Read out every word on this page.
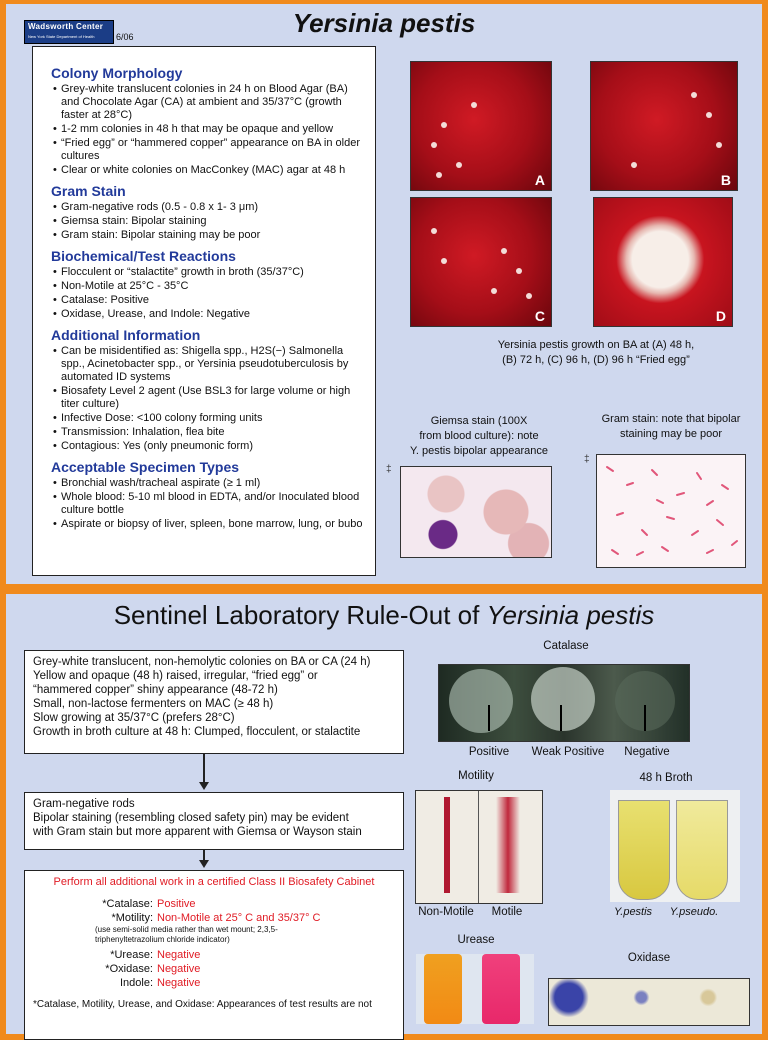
Yersinia pestis
Wadsworth Center
New York State Department of Health	6/06
Colony Morphology
• Grey-white translucent colonies in 24 h on Blood Agar (BA) and Chocolate Agar (CA) at ambient and 35/37°C (growth faster at 28°C)
• 1-2 mm colonies in 48 h that may be opaque and yellow
• “Fried egg” or “hammered copper” appearance on BA in older cultures
• Clear or white colonies on MacConkey (MAC) agar at 48 h
Gram Stain
• Gram-negative rods (0.5 - 0.8 x 1- 3 μm)
• Giemsa stain: Bipolar staining
• Gram stain: Bipolar staining may be poor
Biochemical/Test Reactions
• Flocculent or “stalactite” growth in broth (35/37°C)
• Non-Motile at 25°C - 35°C
• Catalase: Positive
• Oxidase, Urease, and Indole: Negative
Additional Information
• Can be misidentified as: Shigella spp., H2S(−) Salmonella spp., Acinetobacter spp., or Yersinia pseudotuberculosis by automated ID systems
• Biosafety Level 2 agent (Use BSL3 for large volume or high titer culture)
• Infective Dose: <100 colony forming units
• Transmission: Inhalation, flea bite
• Contagious: Yes (only pneumonic form)
Acceptable Specimen Types
• Bronchial wash/tracheal aspirate (≥ 1 ml)
• Whole blood: 5-10 ml blood in EDTA, and/or Inoculated blood culture bottle
• Aspirate or biopsy of liver, spleen, bone marrow, lung, or bubo
A	B
C	D
Yersinia pestis growth on BA at (A) 48 h,
(B) 72 h, (C) 96 h, (D) 96 h “Fried egg”
Giemsa stain (100X
from blood culture): note
Y. pestis bipolar appearance
‡
Gram stain: note that bipolar
staining may be poor
‡
Sentinel Laboratory Rule-Out of Yersinia pestis
Grey-white translucent, non-hemolytic colonies on BA or CA (24 h)
Yellow and opaque (48 h) raised, irregular, “fried egg” or
“hammered copper” shiny appearance (48-72 h)
Small, non-lactose fermenters on MAC (≥ 48 h)
Slow growing at 35/37°C (prefers 28°C)
Growth in broth culture at 48 h: Clumped, flocculent, or stalactite
Gram-negative rods
Bipolar staining (resembling closed safety pin) may be evident
with Gram stain but more apparent with Giemsa or Wayson stain
Perform all additional work in a certified Class II Biosafety Cabinet
*Catalase: Positive
*Motility: Non-Motile at 25° C and 35/37° C
(use semi-solid media rather than wet mount; 2,3,5-triphenyltetrazolium chloride indicator)
*Urease: Negative
*Oxidase: Negative
Indole: Negative
*Catalase, Motility, Urease, and Oxidase: Appearances of test results are not
Catalase
Positive	Weak Positive	Negative
Motility
Non-Motile	Motile
48 h Broth
Y.pestis	Y.pseudo.
Urease
Oxidase
